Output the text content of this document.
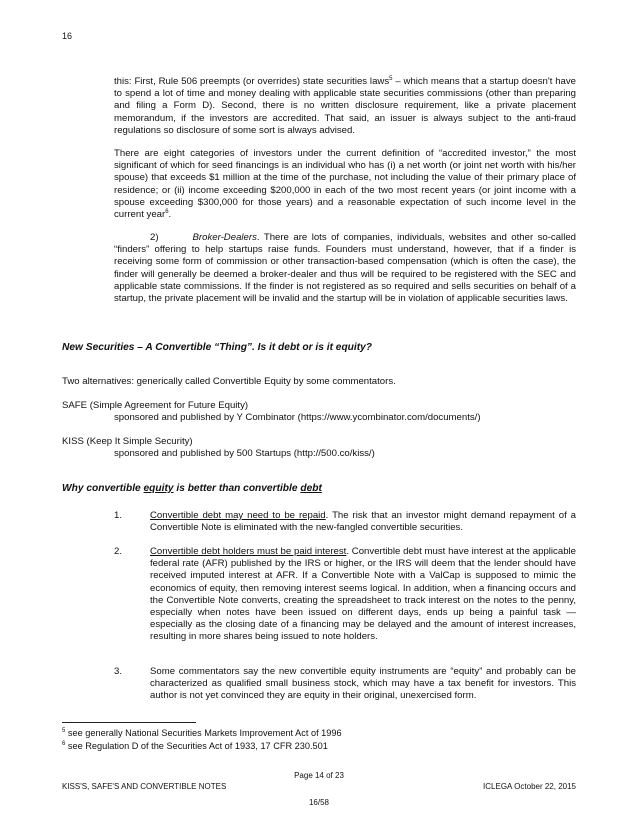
16
this: First, Rule 506 preempts (or overrides) state securities laws$^5$ – which means that a startup doesn't have to spend a lot of time and money dealing with applicable state securities commissions (other than preparing and filing a Form D). Second, there is no written disclosure requirement, like a private placement memorandum, if the investors are accredited. That said, an issuer is always subject to the anti-fraud regulations so disclosure of some sort is always advised.
There are eight categories of investors under the current definition of “accredited investor,” the most significant of which for seed financings is an individual who has (i) a net worth (or joint net worth with his/her spouse) that exceeds $1 million at the time of the purchase, not including the value of their primary place of residence; or (ii) income exceeding $200,000 in each of the two most recent years (or joint income with a spouse exceeding $300,000 for those years) and a reasonable expectation of such income level in the current year$^6$.
2)	Broker-Dealers. There are lots of companies, individuals, websites and other so-called “finders” offering to help startups raise funds. Founders must understand, however, that if a finder is receiving some form of commission or other transaction-based compensation (which is often the case), the finder will generally be deemed a broker-dealer and thus will be required to be registered with the SEC and applicable state commissions. If the finder is not registered as so required and sells securities on behalf of a startup, the private placement will be invalid and the startup will be in violation of applicable securities laws.
New Securities – A Convertible “Thing”. Is it debt or is it equity?
Two alternatives: generically called Convertible Equity by some commentators.
SAFE (Simple Agreement for Future Equity)
sponsored and published by Y Combinator (https://www.ycombinator.com/documents/)
KISS (Keep It Simple Security)
sponsored and published by 500 Startups (http://500.co/kiss/)
Why convertible equity is better than convertible debt
1.	Convertible debt may need to be repaid. The risk that an investor might demand repayment of a Convertible Note is eliminated with the new-fangled convertible securities.
2.	Convertible debt holders must be paid interest. Convertible debt must have interest at the applicable federal rate (AFR) published by the IRS or higher, or the IRS will deem that the lender should have received imputed interest at AFR. If a Convertible Note with a ValCap is supposed to mimic the economics of equity, then removing interest seems logical. In addition, when a financing occurs and the Convertible Note converts, creating the spreadsheet to track interest on the notes to the penny, especially when notes have been issued on different days, ends up being a painful task — especially as the closing date of a financing may be delayed and the amount of interest increases, resulting in more shares being issued to note holders.
3.	Some commentators say the new convertible equity instruments are “equity” and probably can be characterized as qualified small business stock, which may have a tax benefit for investors. This author is not yet convinced they are equity in their original, unexercised form.
$^5$ see generally National Securities Markets Improvement Act of 1996
$^6$ see Regulation D of the Securities Act of 1933, 17 CFR 230.501
Page 14 of 23
KISS'S, SAFE'S AND CONVERTIBLE NOTES	ICLEGA October 22, 2015
16/58
